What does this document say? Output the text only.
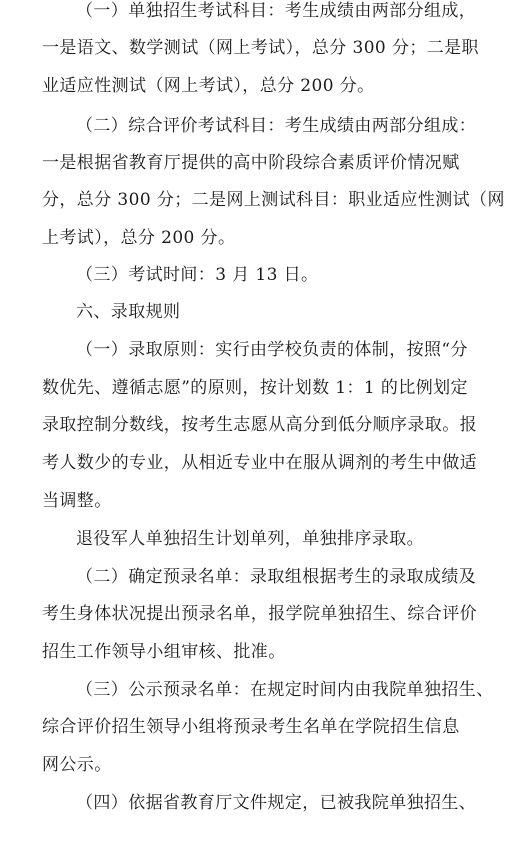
（一）单独招生考试科目：考生成绩由两部分组成，
一是语文、数学测试（网上考试），总分 300 分；二是职
业适应性测试（网上考试），总分 200 分。
（二）综合评价考试科目：考生成绩由两部分组成：
一是根据省教育厅提供的高中阶段综合素质评价情况赋
分，总分 300 分；二是网上测试科目：职业适应性测试（网
上考试），总分 200 分。
（三）考试时间：3 月 13 日。
六、录取规则
（一）录取原则：实行由学校负责的体制，按照“分
数优先、遵循志愿”的原则，按计划数 1：1 的比例划定
录取控制分数线，按考生志愿从高分到低分顺序录取。报
考人数少的专业，从相近专业中在服从调剂的考生中做适
当调整。
退役军人单独招生计划单列，单独排序录取。
（二）确定预录名单：录取组根据考生的录取成绩及
考生身体状况提出预录名单，报学院单独招生、综合评价
招生工作领导小组审核、批准。
（三）公示预录名单：在规定时间内由我院单独招生、
综合评价招生领导小组将预录考生名单在学院招生信息
网公示。
（四）依据省教育厅文件规定，已被我院单独招生、
